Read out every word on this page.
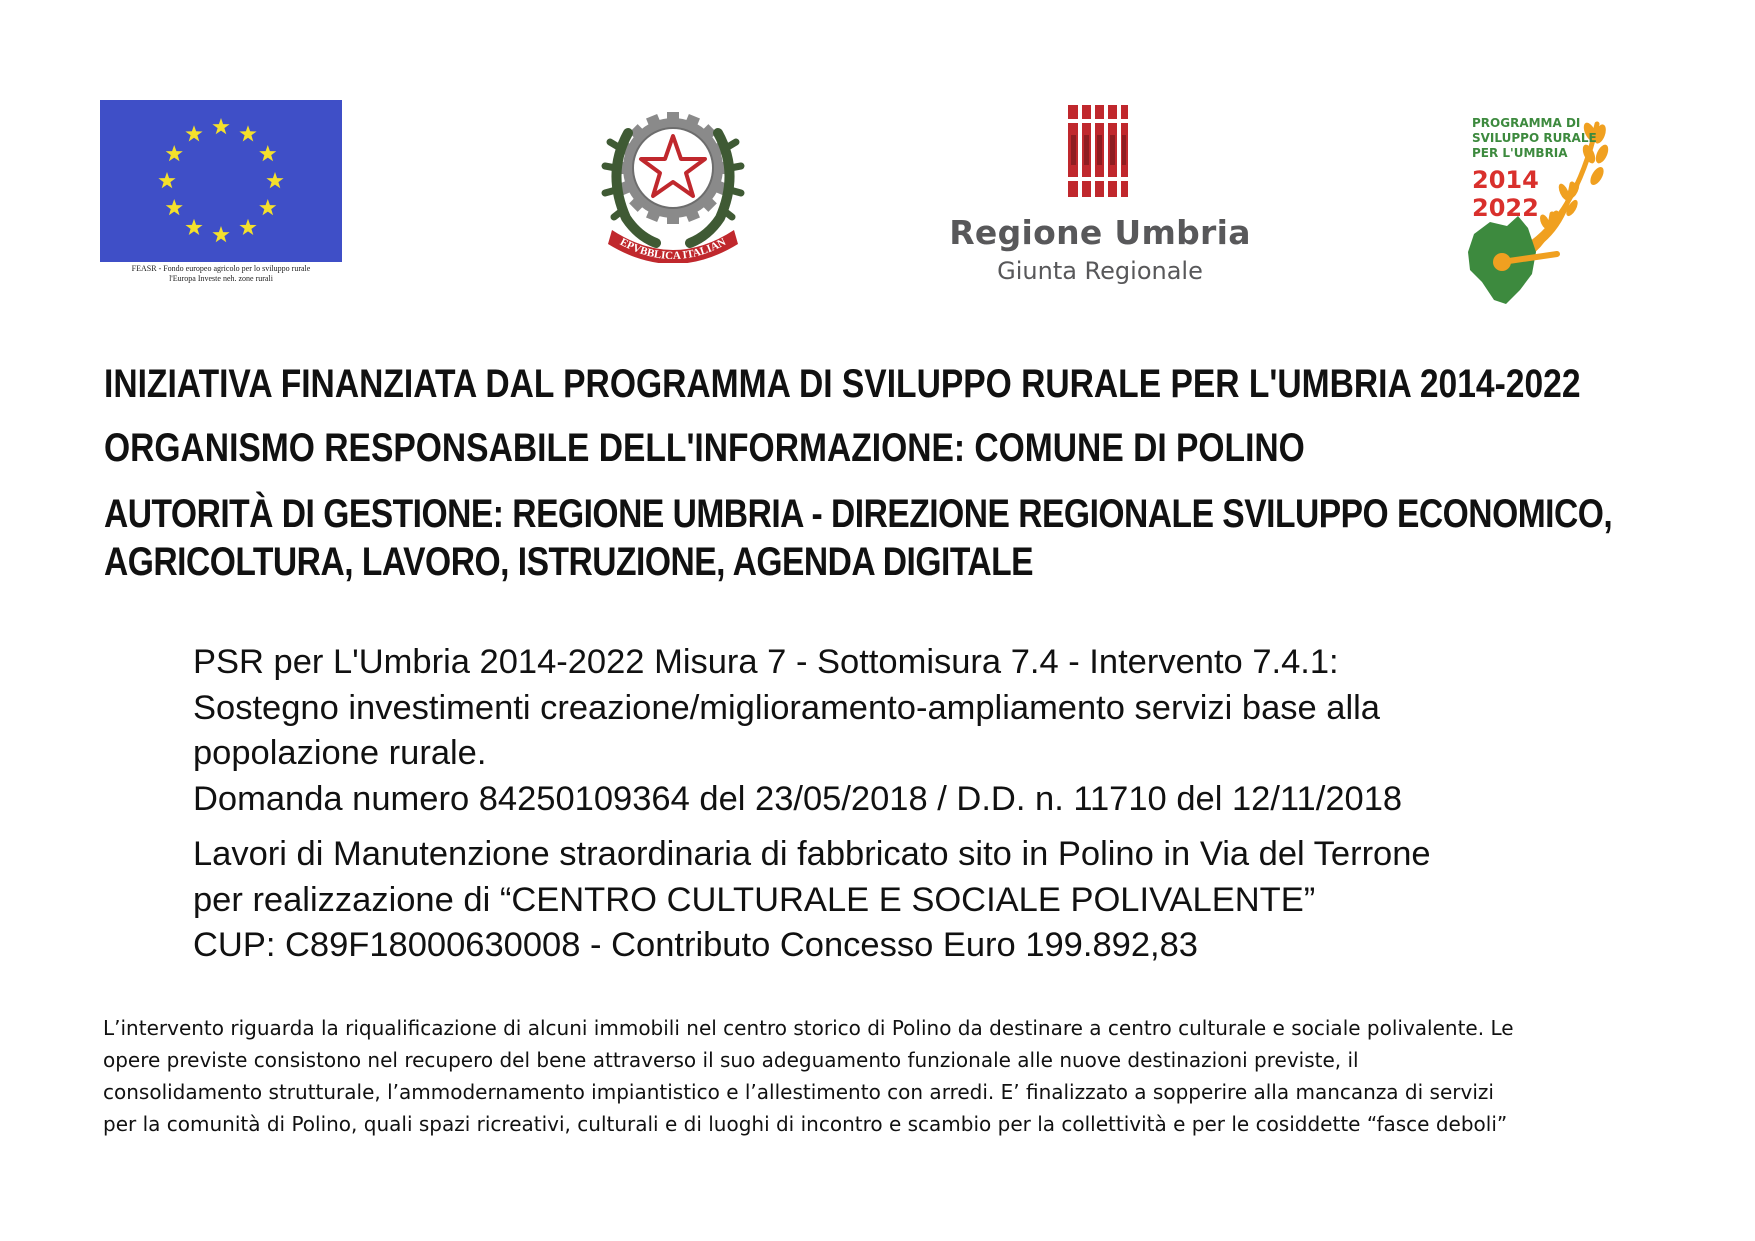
FEASR - Fondo europeo agricolo per lo sviluppo rurale
l'Europa Investe neh. zone rurali
EPVBBLICA ITALIAN	Regione Umbria
Giunta Regionale
PROGRAMMA DI
SVILUPPO RURALE
PER L'UMBRIA
2014
2022
INIZIATIVA FINANZIATA DAL PROGRAMMA DI SVILUPPO RURALE PER L'UMBRIA 2014-2022
ORGANISMO RESPONSABILE DELL'INFORMAZIONE: COMUNE DI POLINO
AUTORITÀ DI GESTIONE: REGIONE UMBRIA - DIREZIONE REGIONALE SVILUPPO ECONOMICO,
AGRICOLTURA, LAVORO, ISTRUZIONE, AGENDA DIGITALE
PSR per L'Umbria 2014-2022 Misura 7 - Sottomisura 7.4 - Intervento 7.4.1:
Sostegno investimenti creazione/miglioramento-ampliamento servizi base alla
popolazione rurale.
Domanda numero 84250109364 del 23/05/2018 / D.D. n. 11710 del 12/11/2018
Lavori di Manutenzione straordinaria di fabbricato sito in Polino in Via del Terrone
per realizzazione di “CENTRO CULTURALE E SOCIALE POLIVALENTE”
CUP: C89F18000630008 - Contributo Concesso Euro 199.892,83
L’intervento riguarda la riqualificazione di alcuni immobili nel centro storico di Polino da destinare a centro culturale e sociale polivalente. Le
opere previste consistono nel recupero del bene attraverso il suo adeguamento funzionale alle nuove destinazioni previste, il
consolidamento strutturale, l’ammodernamento impiantistico e l’allestimento con arredi. E’ finalizzato a sopperire alla mancanza di servizi
per la comunità di Polino, quali spazi ricreativi, culturali e di luoghi di incontro e scambio per la collettività e per le cosiddette “fasce deboli”
